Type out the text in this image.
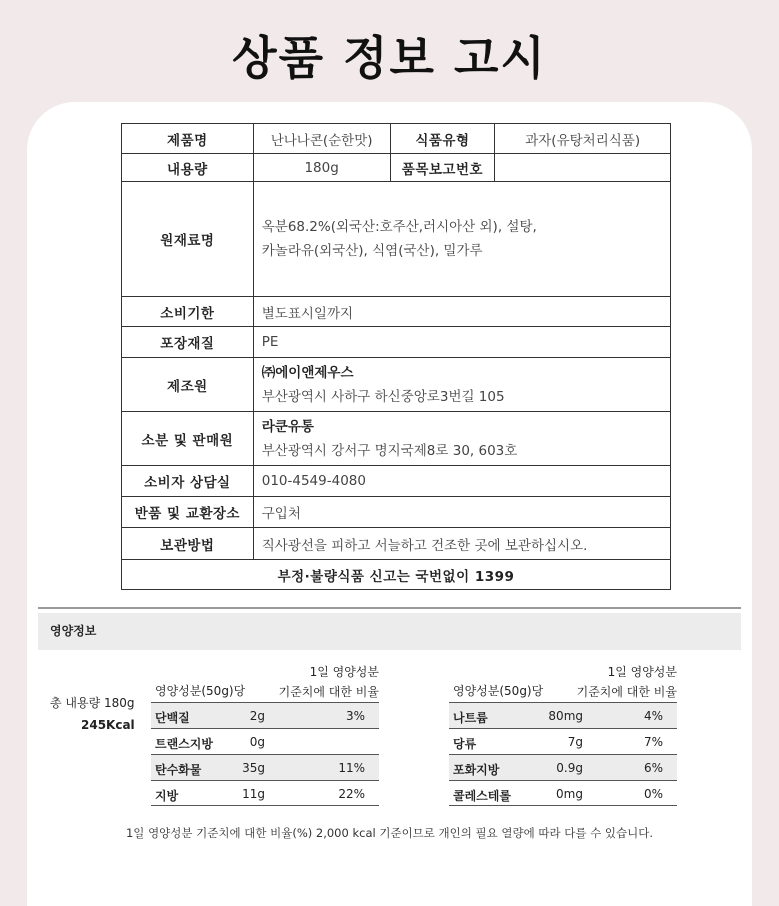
상품 정보 고시
제품명	난나나콘(순한맛)	식품유형	과자(유탕처리식품)
내용량	180g	품목보고번호	
원재료명	옥분68.2%(외국산:호주산,러시아산 외), 설탕,
카놀라유(외국산), 식염(국산), 밀가루		

소비기한	별도표시일까지		
포장재질	PE		
제조원	㈜에이앤제우스
부산광역시 사하구 하신중앙로3번길 105		

소분 및 판매원	라쿤유통
부산광역시 강서구 명지국제8로 30, 603호		

소비자 상담실	010-4549-4080		
반품 및 교환장소	구입처		
보관방법	직사광선을 피하고 서늘하고 건조한 곳에 보관하십시오.		
부정·불량식품 신고는 국번없이 1399			
영양정보
총 내용량 180g
245Kcal
영양성분(50g)당
1일 영양성분
기준치에 대한 비율
단백질	2g	3%
트랜스지방	0g
탄수화물	35g	11%
지방	11g	22%
영양성분(50g)당
1일 영양성분
기준치에 대한 비율
나트륨	80mg	4%
당류	7g	7%
포화지방	0.9g	6%
콜레스테롤	0mg	0%
1일 영양성분 기준치에 대한 비율(%) 2,000 kcal 기준이므로 개인의 필요 열량에 따라 다를 수 있습니다.
